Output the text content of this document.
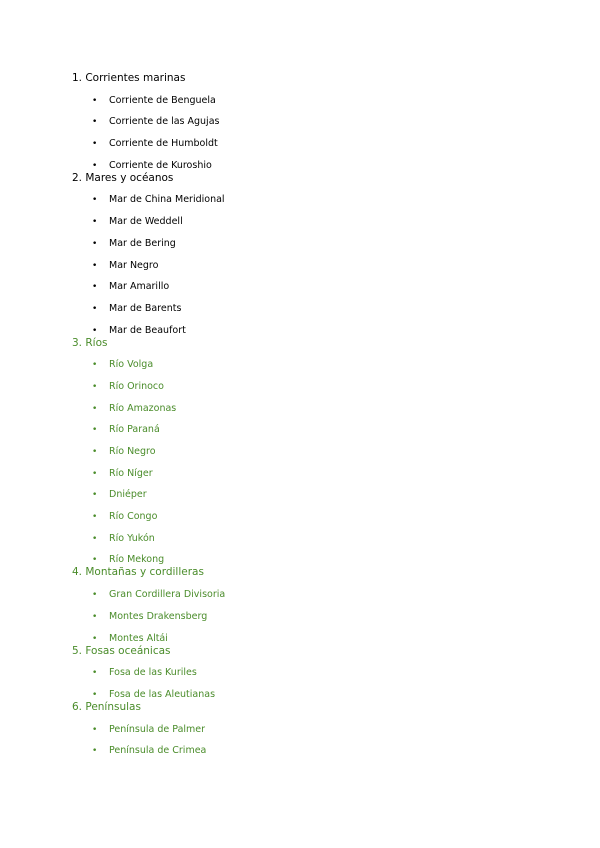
1. Corrientes marinas
• Corriente de Benguela
• Corriente de las Agujas
• Corriente de Humboldt
• Corriente de Kuroshio
2. Mares y océanos
• Mar de China Meridional
• Mar de Weddell
• Mar de Bering
• Mar Negro
• Mar Amarillo
• Mar de Barents
• Mar de Beaufort
3. Ríos
• Río Volga
• Río Orinoco
• Río Amazonas
• Río Paraná
• Río Negro
• Río Níger
• Dniéper
• Río Congo
• Río Yukón
• Río Mekong
4. Montañas y cordilleras
• Gran Cordillera Divisoria
• Montes Drakensberg
• Montes Altái
5. Fosas oceánicas
• Fosa de las Kuriles
• Fosa de las Aleutianas
6. Penínsulas
• Península de Palmer
• Península de Crimea
